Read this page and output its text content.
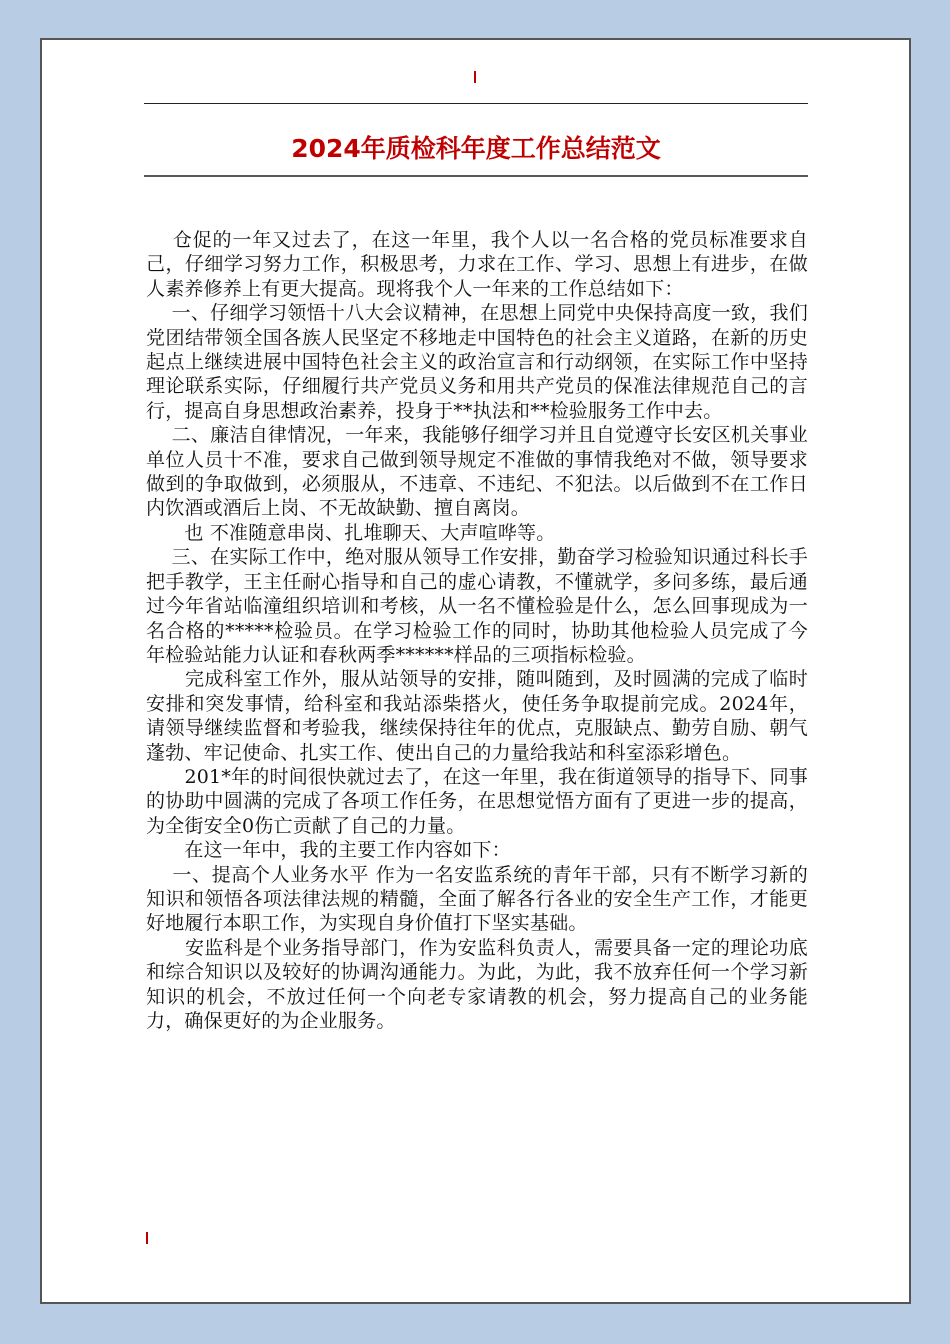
2024年质检科年度工作总结范文

　 仓促的一年又过去了，在这一年里，我个人以一名合格的党员标准要求自己，仔细学习努力工作，积极思考，力求在工作、学习、思想上有进步，在做人素养修养上有更大提高。现将我个人一年来的工作总结如下：

　 一、仔细学习领悟十八大会议精神，在思想上同党中央保持高度一致，我们党团结带领全国各族人民坚定不移地走中国特色的社会主义道路，在新的历史起点上继续进展中国特色社会主义的政治宣言和行动纲领，在实际工作中坚持理论联系实际，仔细履行共产党员义务和用共产党员的保准法律规范自己的言行，提高自身思想政治素养，投身于**执法和**检验服务工作中去。

　 二、廉洁自律情况，一年来，我能够仔细学习并且自觉遵守长安区机关事业单位人员十不准，要求自己做到领导规定不准做的事情我绝对不做，领导要求做到的争取做到，必须服从，不违章、不违纪、不犯法。以后做到不在工作日内饮酒或酒后上岗、不无故缺勤、擅自离岗。

　　也 不准随意串岗、扎堆聊天、大声喧哗等。

　 三、在实际工作中，绝对服从领导工作安排，勤奋学习检验知识通过科长手把手教学，王主任耐心指导和自己的虚心请教，不懂就学，多问多练，最后通过今年省站临潼组织培训和考核，从一名不懂检验是什么，怎么回事现成为一名合格的*****检验员。在学习检验工作的同时，协助其他检验人员完成了今年检验站能力认证和春秋两季******样品的三项指标检验。

　　完成科室工作外，服从站领导的安排，随叫随到，及时圆满的完成了临时安排和突发事情，给科室和我站添柴搭火，使任务争取提前完成。2024年，请领导继续监督和考验我，继续保持往年的优点，克服缺点、勤劳自励、朝气蓬勃、牢记使命、扎实工作、使出自己的力量给我站和科室添彩增色。

　　201*年的时间很快就过去了，在这一年里，我在街道领导的指导下、同事的协助中圆满的完成了各项工作任务，在思想觉悟方面有了更进一步的提高，为全街安全0伤亡贡献了自己的力量。

　　在这一年中，我的主要工作内容如下：

　 一、提高个人业务水平 作为一名安监系统的青年干部，只有不断学习新的知识和领悟各项法律法规的精髓，全面了解各行各业的安全生产工作，才能更好地履行本职工作，为实现自身价值打下坚实基础。

　　安监科是个业务指导部门，作为安监科负责人，需要具备一定的理论功底和综合知识以及较好的协调沟通能力。为此，为此，我不放弃任何一个学习新知识的机会，不放过任何一个向老专家请教的机会，努力提高自己的业务能力，确保更好的为企业服务。
